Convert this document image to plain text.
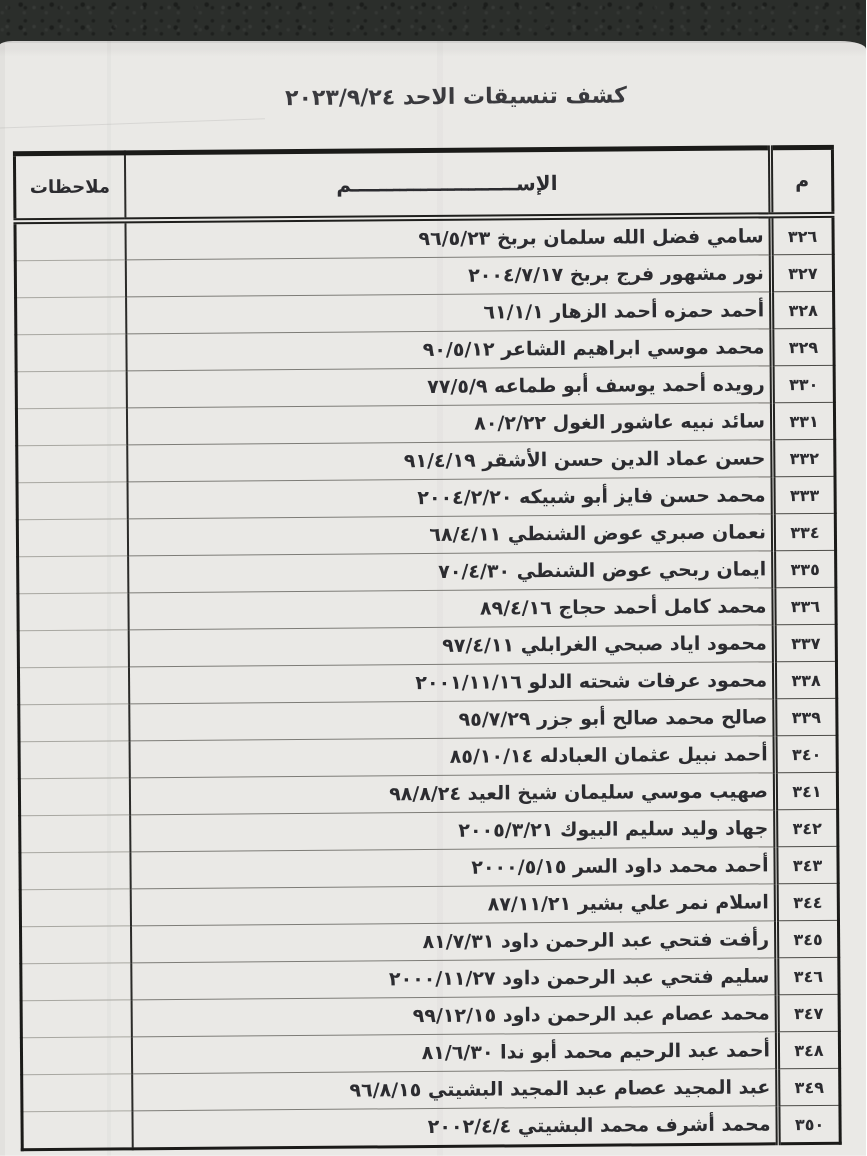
كشف تنسيقات الاحد ٢٠٢٣/٩/٢٤
م	الإســــــــــــــــــــــــم	ملاحظات
٣٢٦	سامي فضل الله سلمان بربخ ٩٦/٥/٢٣	
٣٢٧	نور مشهور فرج بربخ ٢٠٠٤/٧/١٧	
٣٢٨	أحمد حمزه أحمد الزهار ٦١/١/١	
٣٢٩	محمد موسي ابراهيم الشاعر ٩٠/٥/١٢	
٣٣٠	رويده أحمد يوسف أبو طماعه ٧٧/٥/٩	
٣٣١	سائد نبيه عاشور الغول ٨٠/٢/٢٢	
٣٣٢	حسن عماد الدين حسن الأشقر ٩١/٤/١٩	
٣٣٣	محمد حسن فايز أبو شبيكه ٢٠٠٤/٢/٢٠	
٣٣٤	نعمان صبري عوض الشنطي ٦٨/٤/١١	
٣٣٥	ايمان ربحي عوض الشنطي ٧٠/٤/٣٠	
٣٣٦	محمد كامل أحمد حجاج ٨٩/٤/١٦	
٣٣٧	محمود اياد صبحي الغرابلي ٩٧/٤/١١	
٣٣٨	محمود عرفات شحته الدلو ٢٠٠١/١١/١٦	
٣٣٩	صالح محمد صالح أبو جزر ٩٥/٧/٢٩	
٣٤٠	أحمد نبيل عثمان العبادله ٨٥/١٠/١٤	
٣٤١	صهيب موسي سليمان شيخ العيد ٩٨/٨/٢٤	
٣٤٢	جهاد وليد سليم البيوك ٢٠٠٥/٣/٢١	
٣٤٣	أحمد محمد داود السر ٢٠٠٠/٥/١٥	
٣٤٤	اسلام نمر علي بشير ٨٧/١١/٢١	
٣٤٥	رأفت فتحي عبد الرحمن داود ٨١/٧/٣١	
٣٤٦	سليم فتحي عبد الرحمن داود ٢٠٠٠/١١/٢٧	
٣٤٧	محمد عصام عبد الرحمن داود ٩٩/١٢/١٥	
٣٤٨	أحمد عبد الرحيم محمد أبو ندا ٨١/٦/٣٠	
٣٤٩	عبد المجيد عصام عبد المجيد البشيتي ٩٦/٨/١٥	
٣٥٠	محمد أشرف محمد البشيتي ٢٠٠٢/٤/٤	
